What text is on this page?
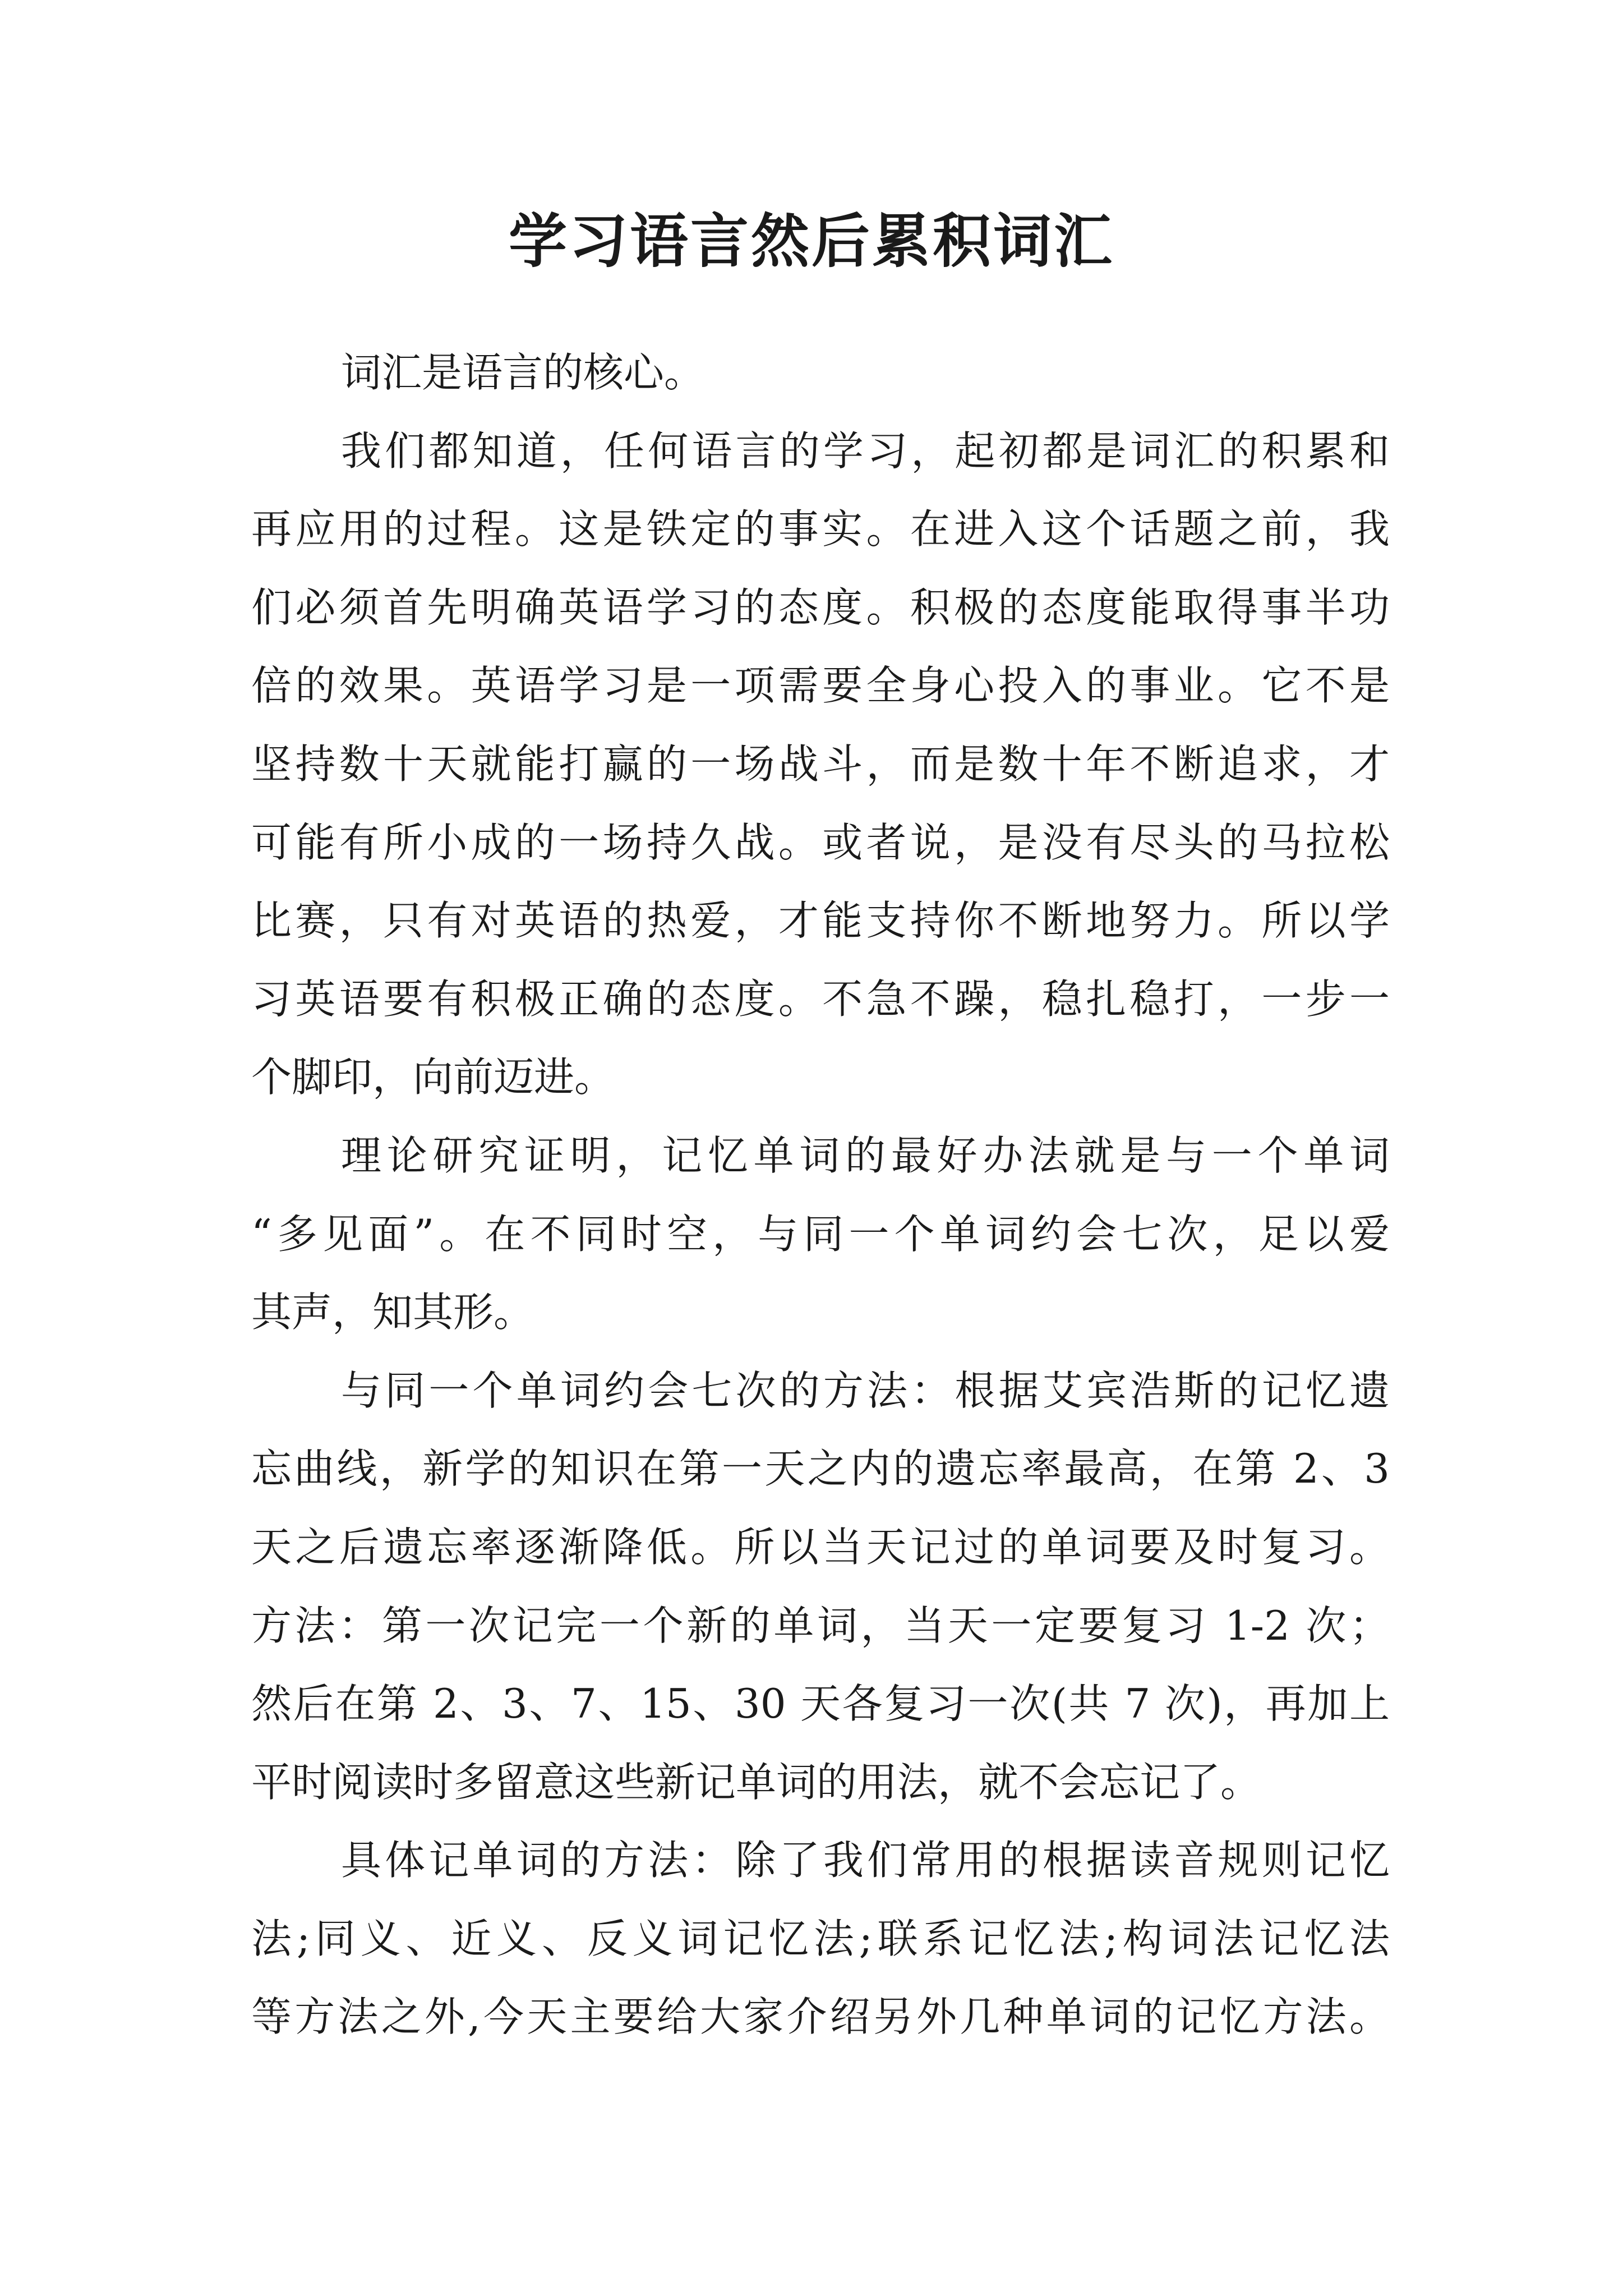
学习语言然后累积词汇
词汇是语言的核心。
我们都知道，任何语言的学习，起初都是词汇的积累和
再应用的过程。这是铁定的事实。在进入这个话题之前，我
们必须首先明确英语学习的态度。积极的态度能取得事半功
倍的效果。英语学习是一项需要全身心投入的事业。它不是
坚持数十天就能打赢的一场战斗，而是数十年不断追求，才
可能有所小成的一场持久战。或者说，是没有尽头的马拉松
比赛，只有对英语的热爱，才能支持你不断地努力。所以学
习英语要有积极正确的态度。不急不躁，稳扎稳打，一步一
个脚印，向前迈进。
理论研究证明，记忆单词的最好办法就是与一个单词
“多见面”。在不同时空，与同一个单词约会七次，足以爱
其声，知其形。
与同一个单词约会七次的方法：根据艾宾浩斯的记忆遗
忘曲线，新学的知识在第一天之内的遗忘率最高，在第 2、3
天之后遗忘率逐渐降低。所以当天记过的单词要及时复习。
方法：第一次记完一个新的单词，当天一定要复习 1-2 次；
然后在第 2、3、7、15、30 天各复习一次(共 7 次)，再加上
平时阅读时多留意这些新记单词的用法，就不会忘记了。
具体记单词的方法：除了我们常用的根据读音规则记忆
法;同义、近义、反义词记忆法;联系记忆法;构词法记忆法
等方法之外,今天主要给大家介绍另外几种单词的记忆方法。
